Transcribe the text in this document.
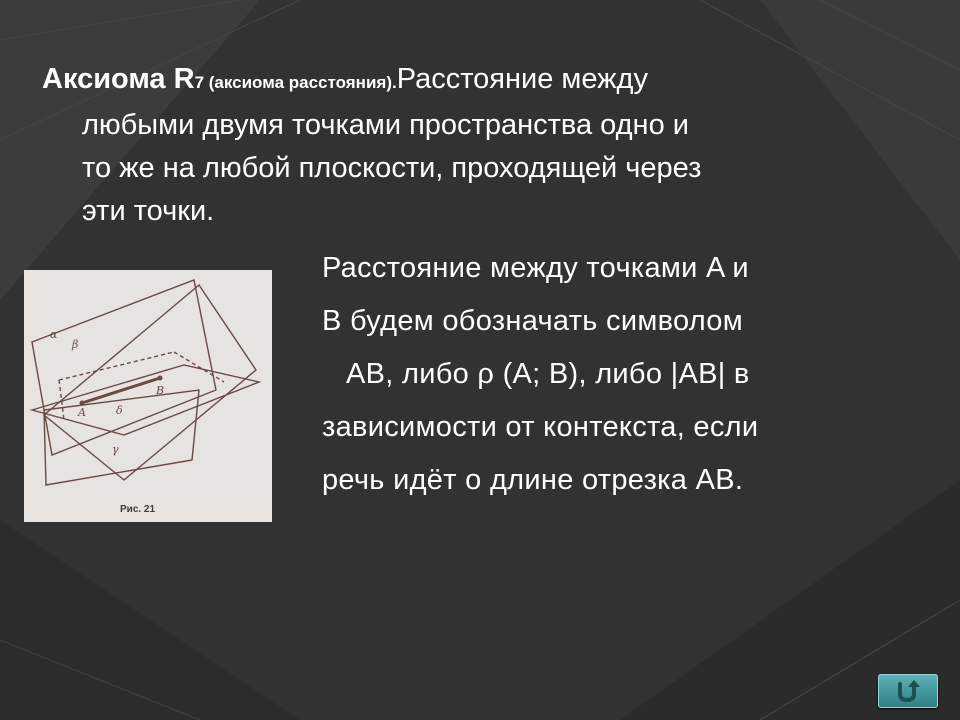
Аксиома R7 (аксиома расстояния).Расстояние между
любыми двумя точками пространства одно и
то же на любой плоскости, проходящей через
эти точки.
α
β
γ
δ
A
B
Рис. 21
Расстояние между точками A и
B будем обозначать символом
AB, либо ρ (A; B), либо |AB| в
зависимости от контекста, если
речь идёт о длине отрезка AB.
